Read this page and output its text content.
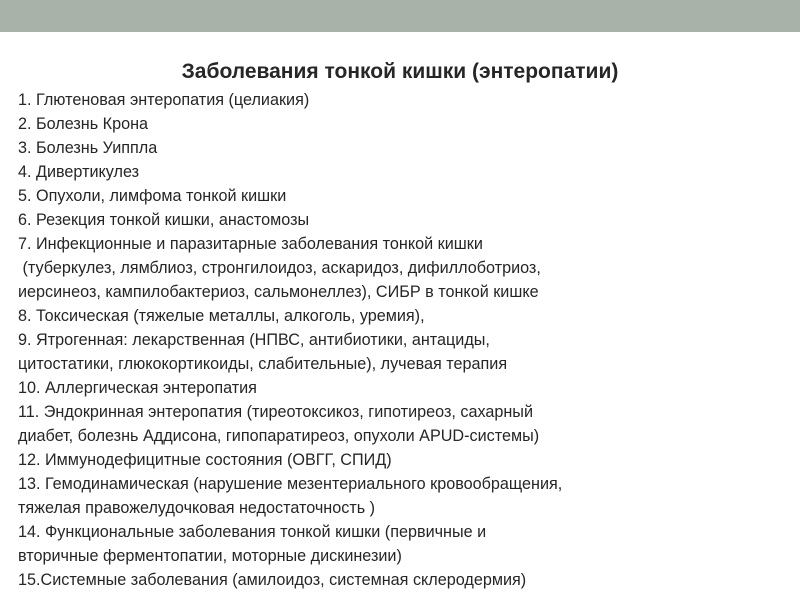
Заболевания тонкой кишки (энтеропатии)
1. Глютеновая энтеропатия (целиакия)
2. Болезнь Крона
3. Болезнь Уиппла
4. Дивертикулез
5. Опухоли, лимфома тонкой кишки
6. Резекция тонкой кишки, анастомозы
7. Инфекционные и паразитарные заболевания тонкой кишки
(туберкулез, лямблиоз, стронгилоидоз, аскаридоз, дифиллоботриоз,
иерсинеоз, кампилобактериоз, сальмонеллез), СИБР в тонкой кишке
8. Токсическая (тяжелые металлы, алкоголь, уремия),
9. Ятрогенная: лекарственная (НПВС, антибиотики, антациды,
цитостатики, глюкокортикоиды, слабительные), лучевая терапия
10. Аллергическая энтеропатия
11. Эндокринная энтеропатия (тиреотоксикоз, гипотиреоз, сахарный
диабет, болезнь Аддисона, гипопаратиреоз, опухоли APUD-системы)
12. Иммунодефицитные состояния (ОВГГ, СПИД)
13. Гемодинамическая (нарушение мезентериального кровообращения,
тяжелая правожелудочковая недостаточность )
14. Функциональные заболевания тонкой кишки (первичные и
вторичные ферментопатии, моторные дискинезии)
15.Системные заболевания (амилоидоз, системная склеродермия)
